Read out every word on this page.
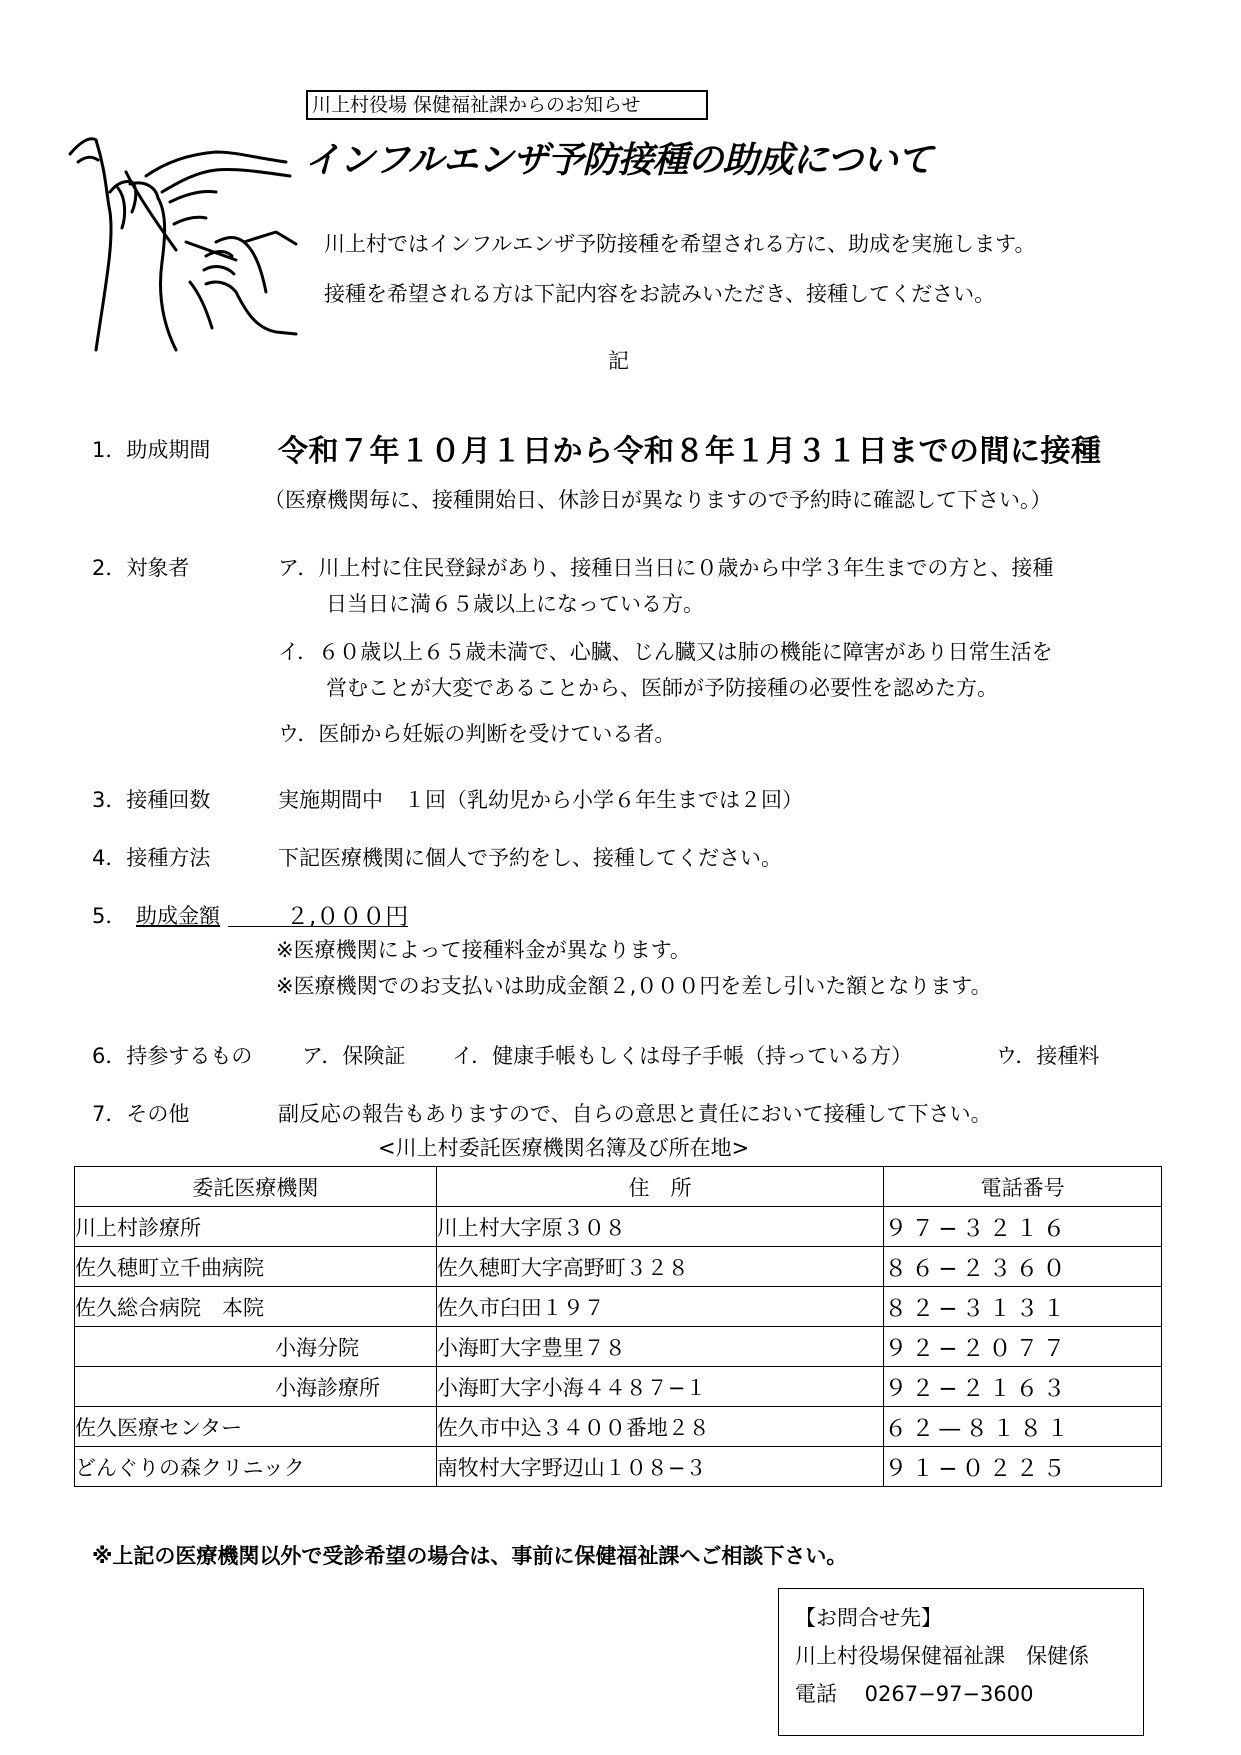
川上村役場 保健福祉課からのお知らせ
インフルエンザ予防接種の助成について
川上村ではインフルエンザ予防接種を希望される方に、助成を実施します。
接種を希望される方は下記内容をお読みいただき、接種してください。
記
1．助成期間 令和７年１０月１日から令和８年１月３１日までの間に接種
（医療機関毎に、接種開始日、休診日が異なりますので予約時に確認して下さい。）
2．対象者	ア．川上村に住民登録があり、接種日当日に０歳から中学３年生までの方と、接種
日当日に満６５歳以上になっている方。
イ．６０歳以上６５歳未満で、心臓、じん臓又は肺の機能に障害があり日常生活を
営むことが大変であることから、医師が予防接種の必要性を認めた方。
ウ．医師から妊娠の判断を受けている者。
3．接種回数	実施期間中　１回（乳幼児から小学６年生までは２回）
4．接種方法	下記医療機関に個人で予約をし、接種してください。
5． 助成金額	２,０００円
※医療機関によって接種料金が異なります。
※医療機関でのお支払いは助成金額２,０００円を差し引いた額となります。
6．持参するもの ア．保険証 イ．健康手帳もしくは母子手帳（持っている方）	ウ．接種料
7．その他	副反応の報告もありますので、自らの意思と責任において接種して下さい。
<川上村委託医療機関名簿及び所在地>
委託医療機関	住　所	電話番号
川上村診療所	川上村大字原３０８	９７−３２１６
佐久穂町立千曲病院	佐久穂町大字高野町３２８	８６−２３６０
佐久総合病院　本院	佐久市臼田１９７	８２−３１３１
小海分院	小海町大字豊里７８	９２−２０７７
小海診療所	小海町大字小海４４８７−１	９２−２１６３
佐久医療センター	佐久市中込３４００番地２８	６２—８１８１
どんぐりの森クリニック	南牧村大字野辺山１０８−３	９１−０２２５
※上記の医療機関以外で受診希望の場合は、事前に保健福祉課へご相談下さい。
【お問合せ先】
川上村役場保健福祉課　保健係
電話　 0267−97−3600
